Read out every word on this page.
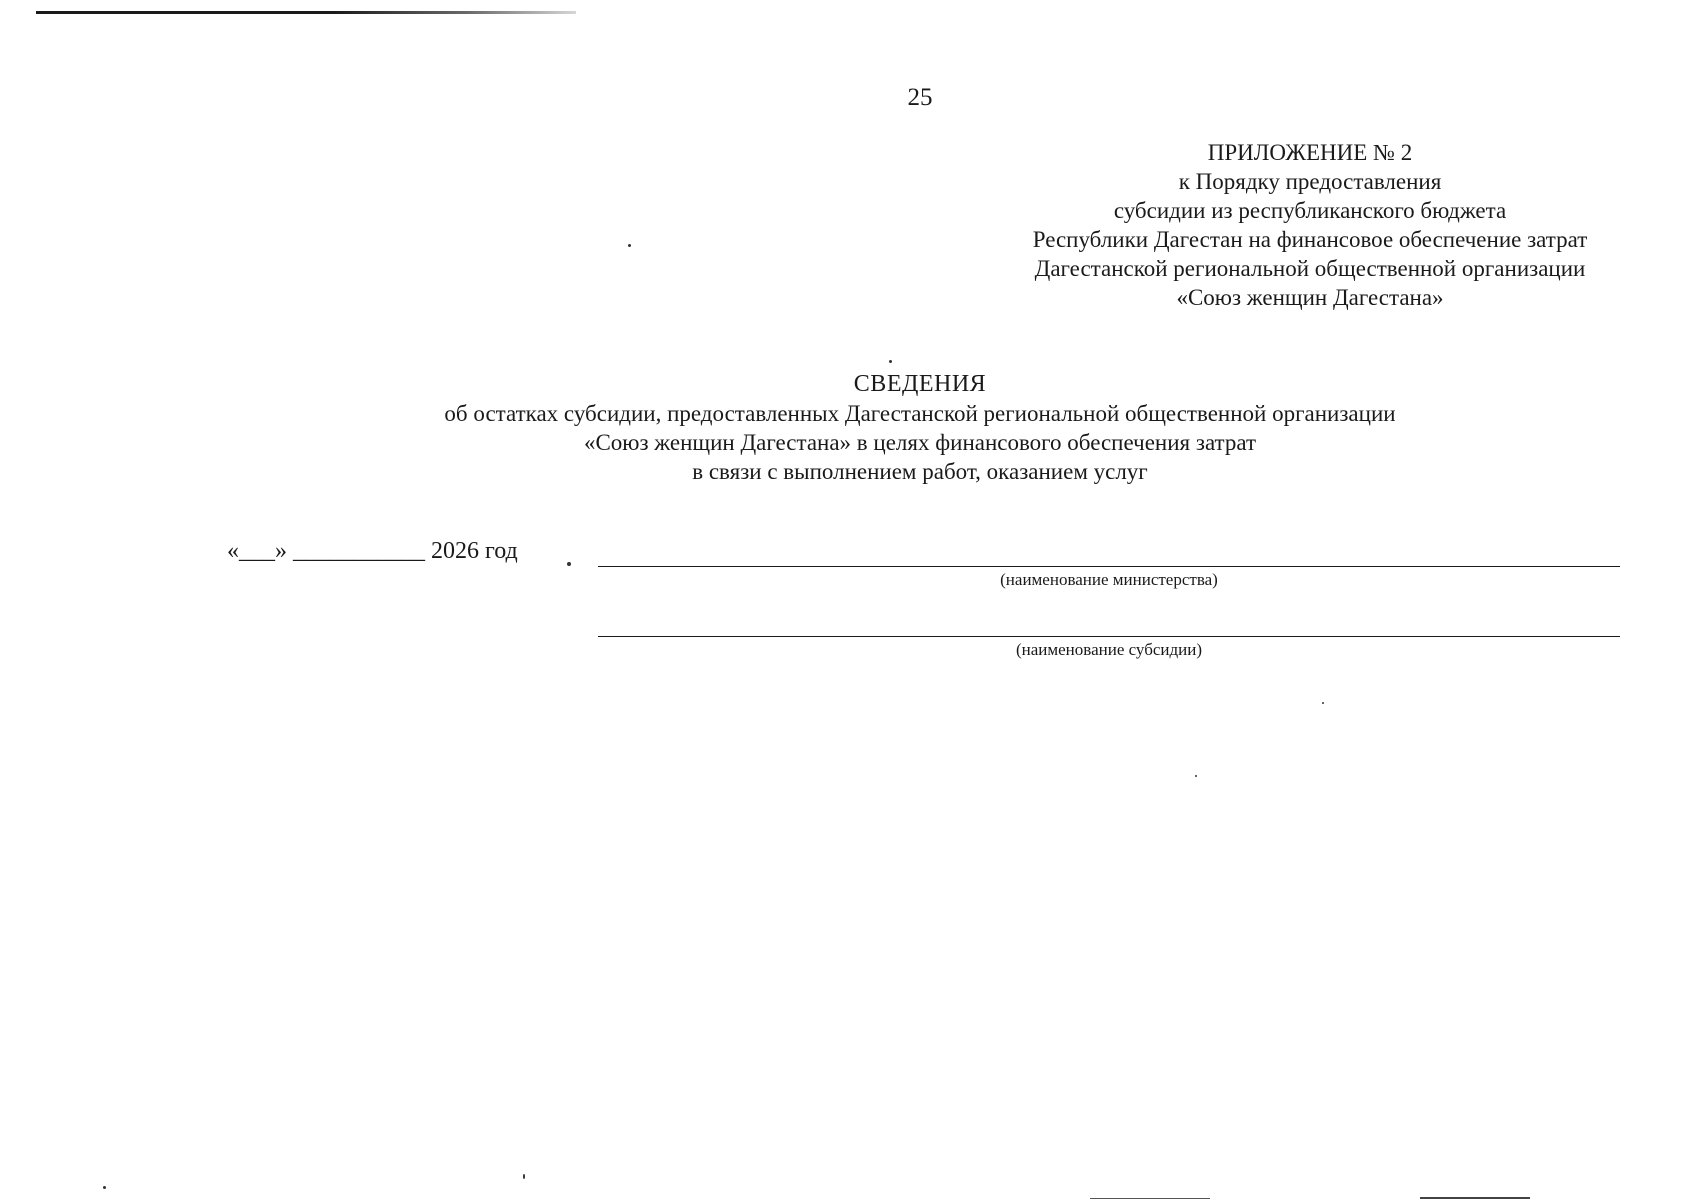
25
ПРИЛОЖЕНИЕ № 2
к Порядку предоставления
субсидии из республиканского бюджета
Республики Дагестан на финансовое обеспечение затрат
Дагестанской региональной общественной организации
«Союз женщин Дагестана»
СВЕДЕНИЯ
об остатках субсидии, предоставленных Дагестанской региональной общественной организации
«Союз женщин Дагестана» в целях финансового обеспечения затрат
в связи с выполнением работ, оказанием услуг
«___» ___________ 2026 год
(наименование министерства)
(наименование субсидии)
